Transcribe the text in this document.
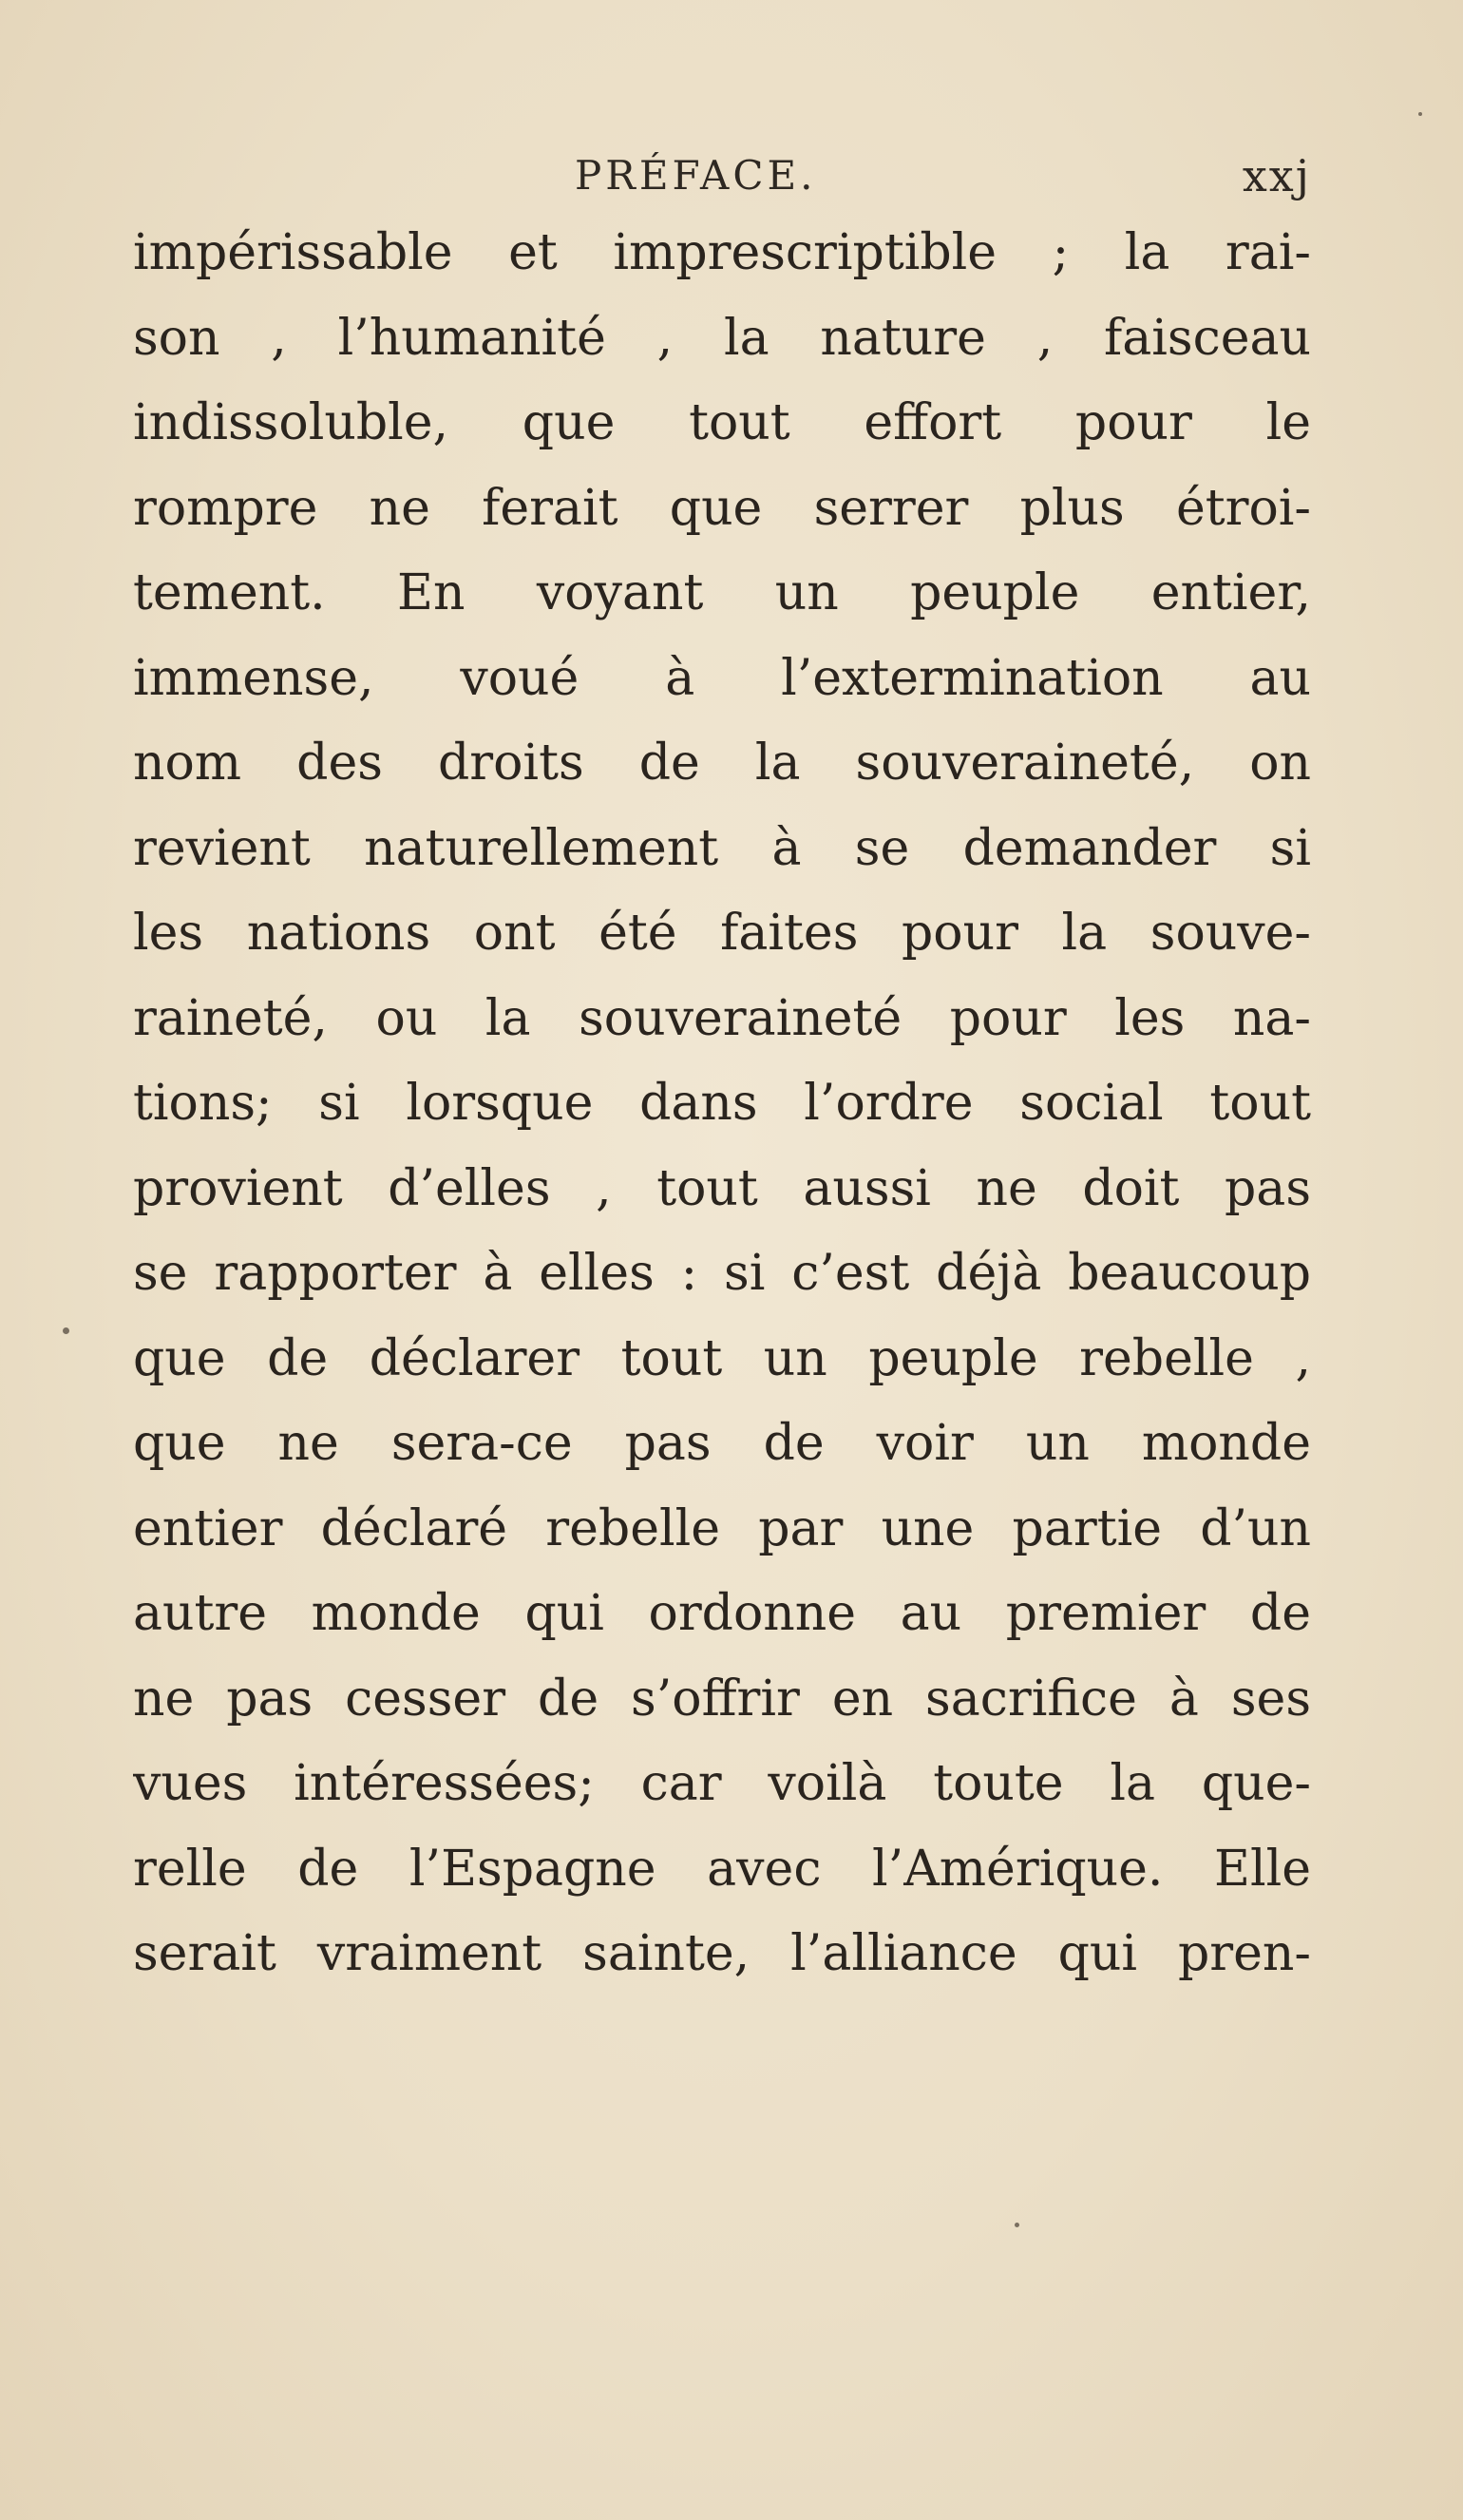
PRÉFACE.	xxj
impérissable et imprescriptible ; la rai-
son , l’humanité , la nature , faisceau
indissoluble, que tout effort pour le
rompre ne ferait que serrer plus étroi-
tement. En voyant un peuple entier,
immense, voué à l’extermination au
nom des droits de la souveraineté, on
revient naturellement à se demander si
les nations ont été faites pour la souve-
raineté, ou la souveraineté pour les na-
tions; si lorsque dans l’ordre social tout
provient d’elles , tout aussi ne doit pas
se rapporter à elles : si c’est déjà beaucoup
que de déclarer tout un peuple rebelle ,
que ne sera-ce pas de voir un monde
entier déclaré rebelle par une partie d’un
autre monde qui ordonne au premier de
ne pas cesser de s’offrir en sacrifice à ses
vues intéressées; car voilà toute la que-
relle de l’Espagne avec l’Amérique. Elle
serait vraiment sainte, l’alliance qui pren-
